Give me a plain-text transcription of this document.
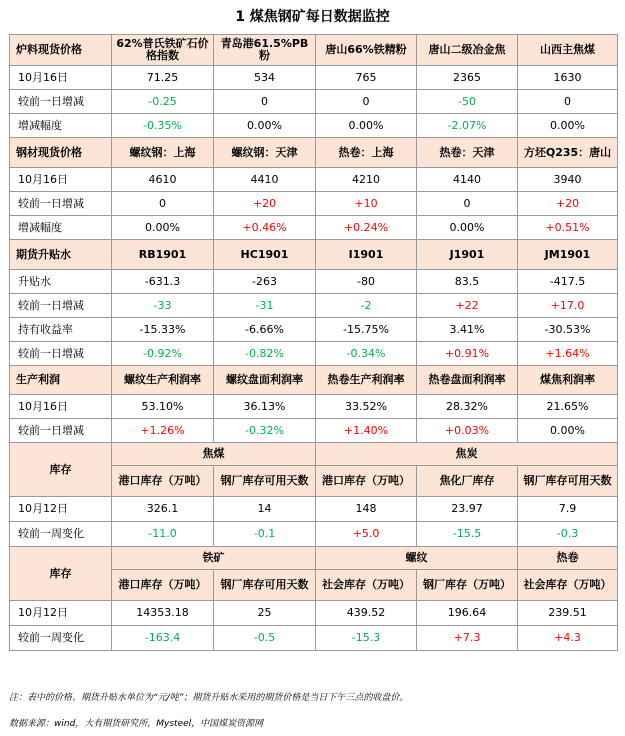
1 煤焦钢矿每日数据监控
炉料现货价格	62%普氏铁矿石价格指数	青岛港61.5%PB粉	唐山66%铁精粉	唐山二级冶金焦	山西主焦煤
10月16日	71.25	534	765	2365	1630
较前一日增减	-0.25	0	0	-50	0
增减幅度	-0.35%	0.00%	0.00%	-2.07%	0.00%
钢材现货价格	螺纹钢：上海	螺纹钢：天津	热卷：上海	热卷：天津	方坯Q235：唐山
10月16日	4610	4410	4210	4140	3940
较前一日增减	0	+20	+10	0	+20
增减幅度	0.00%	+0.46%	+0.24%	0.00%	+0.51%
期货升贴水	RB1901	HC1901	I1901	J1901	JM1901
升贴水	-631.3	-263	-80	83.5	-417.5
较前一日增减	-33	-31	-2	+22	+17.0
持有收益率	-15.33%	-6.66%	-15.75%	3.41%	-30.53%
较前一日增减	-0.92%	-0.82%	-0.34%	+0.91%	+1.64%
生产利润	螺纹生产利润率	螺纹盘面利润率	热卷生产利润率	热卷盘面利润率	煤焦利润率
10月16日	53.10%	36.13%	33.52%	28.32%	21.65%
较前一日增减	+1.26%	-0.32%	+1.40%	+0.03%	0.00%
库存	焦煤		焦炭		
	港口库存（万吨）	钢厂库存可用天数	港口库存（万吨）	焦化厂库存	钢厂库存可用天数
10月12日	326.1	14	148	23.97	7.9
较前一周变化	-11.0	-0.1	+5.0	-15.5	-0.3
库存	铁矿		螺纹		热卷
	港口库存（万吨）	钢厂库存可用天数	社会库存（万吨）	钢厂库存（万吨）	社会库存（万吨）
10月12日	14353.18	25	439.52	196.64	239.51
较前一周变化	-163.4	-0.5	-15.3	+7.3	+4.3
注：表中的价格、期货升贴水单位为“元/吨”；期货升贴水采用的期货价格是当日下午三点的收盘价。
数据来源：wind，大有期货研究所，Mysteel，中国煤炭资源网
